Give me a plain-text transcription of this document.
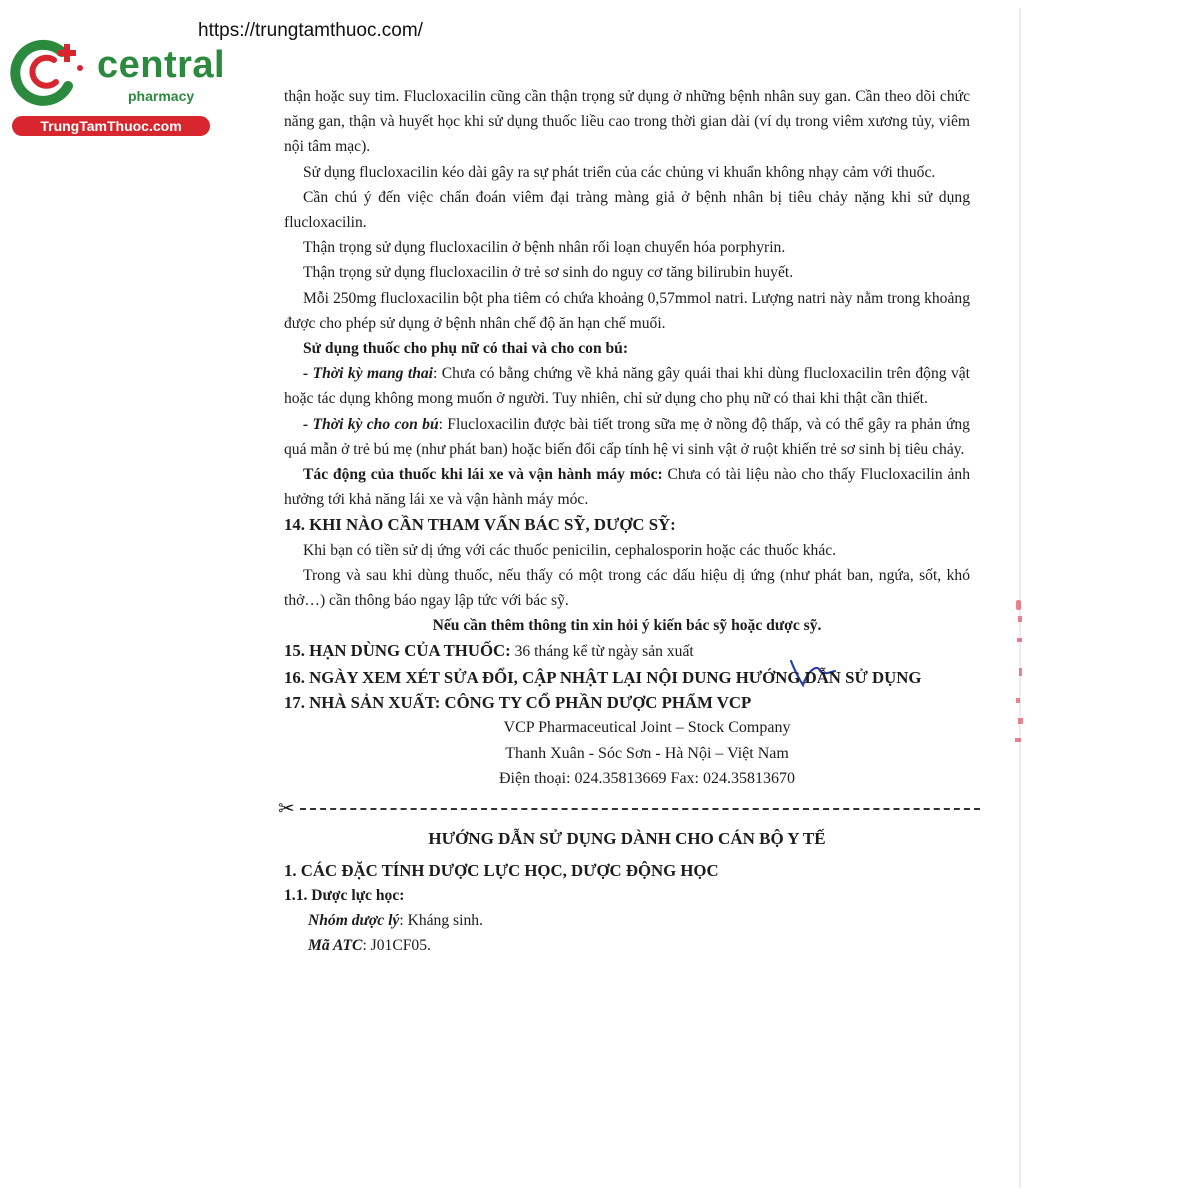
https://trungtamthuoc.com/
central
pharmacy
TrungTamThuoc.com

thận hoặc suy tim. Flucloxacilin cũng cần thận trọng sử dụng ở những bệnh nhân suy gan. Cần theo dõi chức năng gan, thận và huyết học khi sử dụng thuốc liều cao trong thời gian dài (ví dụ trong viêm xương tủy, viêm nội tâm mạc).

Sử dụng flucloxacilin kéo dài gây ra sự phát triển của các chủng vi khuẩn không nhạy cảm với thuốc.

Cần chú ý đến việc chẩn đoán viêm đại tràng màng giả ở bệnh nhân bị tiêu chảy nặng khi sử dụng flucloxacilin.

Thận trọng sử dụng flucloxacilin ở bệnh nhân rối loạn chuyển hóa porphyrin.

Thận trọng sử dụng flucloxacilin ở trẻ sơ sinh do nguy cơ tăng bilirubin huyết.

Mỗi 250mg flucloxacilin bột pha tiêm có chứa khoảng 0,57mmol natri. Lượng natri này nằm trong khoảng được cho phép sử dụng ở bệnh nhân chế độ ăn hạn chế muối.

Sử dụng thuốc cho phụ nữ có thai và cho con bú:

- Thời kỳ mang thai: Chưa có bằng chứng về khả năng gây quái thai khi dùng flucloxacilin trên động vật hoặc tác dụng không mong muốn ở người. Tuy nhiên, chỉ sử dụng cho phụ nữ có thai khi thật cần thiết.

- Thời kỳ cho con bú: Flucloxacilin được bài tiết trong sữa mẹ ở nồng độ thấp, và có thể gây ra phản ứng quá mẫn ở trẻ bú mẹ (như phát ban) hoặc biến đổi cấp tính hệ vi sinh vật ở ruột khiến trẻ sơ sinh bị tiêu chảy.

Tác động của thuốc khi lái xe và vận hành máy móc: Chưa có tài liệu nào cho thấy Flucloxacilin ảnh hưởng tới khả năng lái xe và vận hành máy móc.

14. KHI NÀO CẦN THAM VẤN BÁC SỸ, DƯỢC SỸ:

Khi bạn có tiền sử dị ứng với các thuốc penicilin, cephalosporin hoặc các thuốc khác.

Trong và sau khi dùng thuốc, nếu thấy có một trong các dấu hiệu dị ứng (như phát ban, ngứa, sốt, khó thở…) cần thông báo ngay lập tức với bác sỹ.

Nếu cần thêm thông tin xin hỏi ý kiến bác sỹ hoặc dược sỹ.

15. HẠN DÙNG CỦA THUỐC: 36 tháng kể từ ngày sản xuất

16. NGÀY XEM XÉT SỬA ĐỔI, CẬP NHẬT LẠI NỘI DUNG HƯỚNG DẪN SỬ DỤNG

17. NHÀ SẢN XUẤT: CÔNG TY CỔ PHẦN DƯỢC PHẨM VCP

VCP Pharmaceutical Joint – Stock Company
Thanh Xuân - Sóc Sơn - Hà Nội – Việt Nam
Điện thoại: 024.35813669 Fax: 024.35813670
✂

HƯỚNG DẪN SỬ DỤNG DÀNH CHO CÁN BỘ Y TẾ

1. CÁC ĐẶC TÍNH DƯỢC LỰC HỌC, DƯỢC ĐỘNG HỌC

1.1. Dược lực học:

Nhóm dược lý: Kháng sinh.

Mã ATC: J01CF05.
